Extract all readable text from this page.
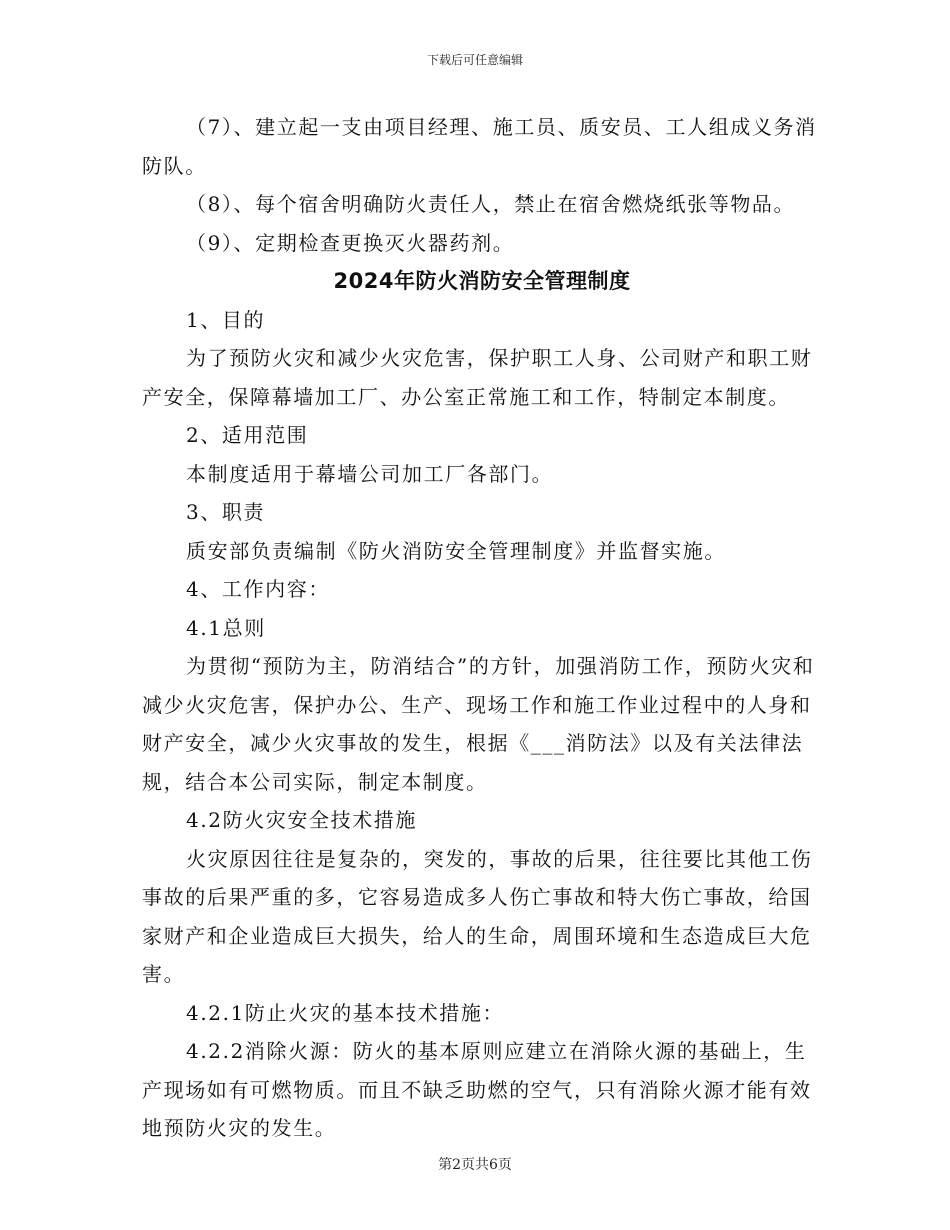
下载后可任意编辑

（7）、建立起一支由项目经理、施工员、质安员、工人组成义务消防队。

（8）、每个宿舍明确防火责任人，禁止在宿舍燃烧纸张等物品。

（9）、定期检查更换灭火器药剂。

2024年防火消防安全管理制度

1、目的

为了预防火灾和减少火灾危害，保护职工人身、公司财产和职工财产安全，保障幕墙加工厂、办公室正常施工和工作，特制定本制度。

2、适用范围

本制度适用于幕墙公司加工厂各部门。

3、职责

质安部负责编制《防火消防安全管理制度》并监督实施。

4、工作内容：

4.1总则

为贯彻“预防为主，防消结合”的方针，加强消防工作，预防火灾和减少火灾危害，保护办公、生产、现场工作和施工作业过程中的人身和财产安全，减少火灾事故的发生，根据《___消防法》以及有关法律法规，结合本公司实际，制定本制度。

4.2防火灾安全技术措施

火灾原因往往是复杂的，突发的，事故的后果，往往要比其他工伤事故的后果严重的多，它容易造成多人伤亡事故和特大伤亡事故，给国家财产和企业造成巨大损失，给人的生命，周围环境和生态造成巨大危害。

4.2.1防止火灾的基本技术措施：

4.2.2消除火源：防火的基本原则应建立在消除火源的基础上，生产现场如有可燃物质。而且不缺乏助燃的空气，只有消除火源才能有效地预防火灾的发生。

第2页共6页
